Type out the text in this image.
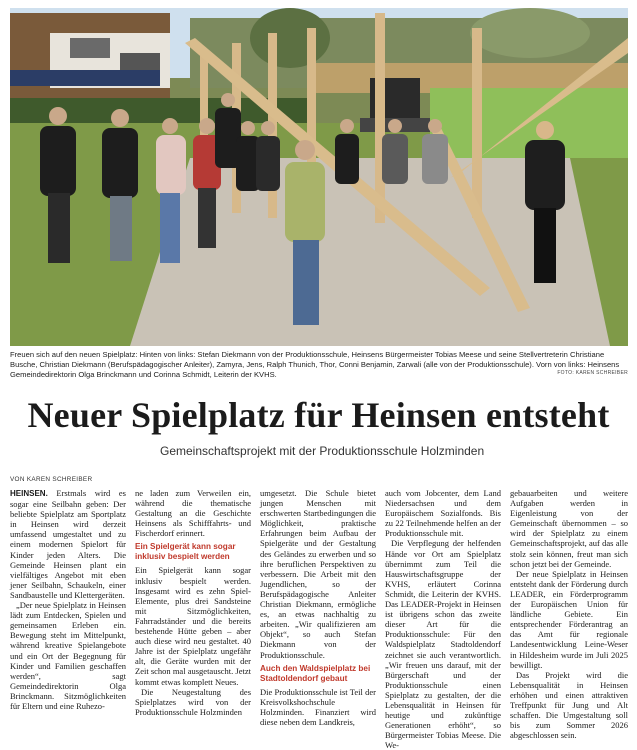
Freuen sich auf den neuen Spielplatz: Hinten von links: Stefan Diekmann von der Produktionsschule, Heinsens Bürgermeister Tobias Meese und seine Stellvertreterin Christiane Busche, Christian Diekmann (Berufspädagogischer Anleiter), Zamyra, Jens, Ralph Thunich, Thor, Conni Benjamin, Zarwali (alle von der Produktionsschule). Vorn von links: Heinsens Gemeindedirektorin Olga Brinckmann und Corinna Schmidt, Leiterin der KVHS.	FOTO: KAREN SCHREIBER
Neuer Spielplatz für Heinsen entsteht
Gemeinschaftsprojekt mit der Produktionsschule Holzminden
VON KAREN SCHREIBER

HEINSEN. Erstmals wird es sogar eine Seilbahn geben: Der beliebte Spielplatz am Sportplatz in Heinsen wird derzeit umfassend umgestaltet und zu einem modernen Spielort für Kinder jeden Alters. Die Gemeinde Heinsen plant ein vielfältiges Angebot mit eben jener Seilbahn, Schaukeln, einer Sandbaustelle und Klettergeräten.

„Der neue Spielplatz in Heinsen lädt zum Entdecken, Spielen und gemeinsamen Erleben ein. Bewegung steht im Mittelpunkt, während kreative Spielangebote und ein Ort der Begegnung für Kinder und Familien geschaffen werden“, sagt Gemeindedirektorin Olga Brinckmann. Sitzmöglichkeiten für Eltern und eine Ruhezo-

ne laden zum Verweilen ein, während die thematische Gestaltung an die Geschichte Heinsens als Schifffahrts- und Fischerdorf erinnert.

Ein Spielgerät kann sogar inklusiv bespielt werden

Ein Spielgerät kann sogar inklusiv bespielt werden. Insgesamt wird es zehn Spiel-Elemente, plus drei Sandsteine mit Sitzmöglichkeiten, Fahrradständer und die bereits bestehende Hütte geben – aber auch diese wird neu gestaltet. 40 Jahre ist der Spielplatz ungefähr alt, die Geräte wurden mit der Zeit schon mal ausgetauscht. Jetzt kommt etwas komplett Neues.

Die Neugestaltung des Spielplatzes wird von der Produktionsschule Holzminden

umgesetzt. Die Schule bietet jungen Menschen mit erschwerten Startbedingungen die Möglichkeit, praktische Erfahrungen beim Aufbau der Spielgeräte und der Gestaltung des Geländes zu erwerben und so ihre beruflichen Perspektiven zu verbessern. Die Arbeit mit den Jugendlichen, so der Berufspädagogische Anleiter Christian Diekmann, ermögliche es, an etwas nachhaltig zu arbeiten. „Wir qualifizieren am Objekt“, so auch Stefan Diekmann von der Produktionsschule.

Auch den Waldspielplatz bei Stadtoldendorf gebaut

Die Produktionsschule ist Teil der Kreisvolkshochschule Holzminden. Finanziert wird diese neben dem Landkreis,

auch vom Jobcenter, dem Land Niedersachsen und dem Europäischem Sozialfonds. Bis zu 22 Teilnehmende helfen an der Produktionsschule mit.

Die Verpflegung der helfenden Hände vor Ort am Spielplatz übernimmt zum Teil die Hauswirtschaftsgruppe der KVHS, erläutert Corinna Schmidt, die Leiterin der KVHS. Das LEADER-Projekt in Heinsen ist übrigens schon das zweite dieser Art für die Produktionsschule: Für den Waldspielplatz Stadtoldendorf zeichnet sie auch verantwortlich. „Wir freuen uns darauf, mit der Bürgerschaft und der Produktionsschule einen Spielplatz zu gestalten, der die Lebensqualität in Heinsen für heutige und zukünftige Generationen erhöht“, so Bürgermeister Tobias Meese. Die We-

gebauarbeiten und weitere Aufgaben werden in Eigenleistung von der Gemeinschaft übernommen – so wird der Spielplatz zu einem Gemeinschaftsprojekt, auf das alle stolz sein können, freut man sich schon jetzt bei der Gemeinde.

Der neue Spielplatz in Heinsen entsteht dank der Förderung durch LEADER, ein Förderprogramm der Europäischen Union für ländliche Gebiete. Ein entsprechender Förderantrag an das Amt für regionale Landesentwicklung Leine-Weser in Hildesheim wurde im Juli 2025 bewilligt.

Das Projekt wird die Lebensqualität in Heinsen erhöhen und einen attraktiven Treffpunkt für Jung und Alt schaffen. Die Umgestaltung soll bis zum Sommer 2026 abgeschlossen sein.
